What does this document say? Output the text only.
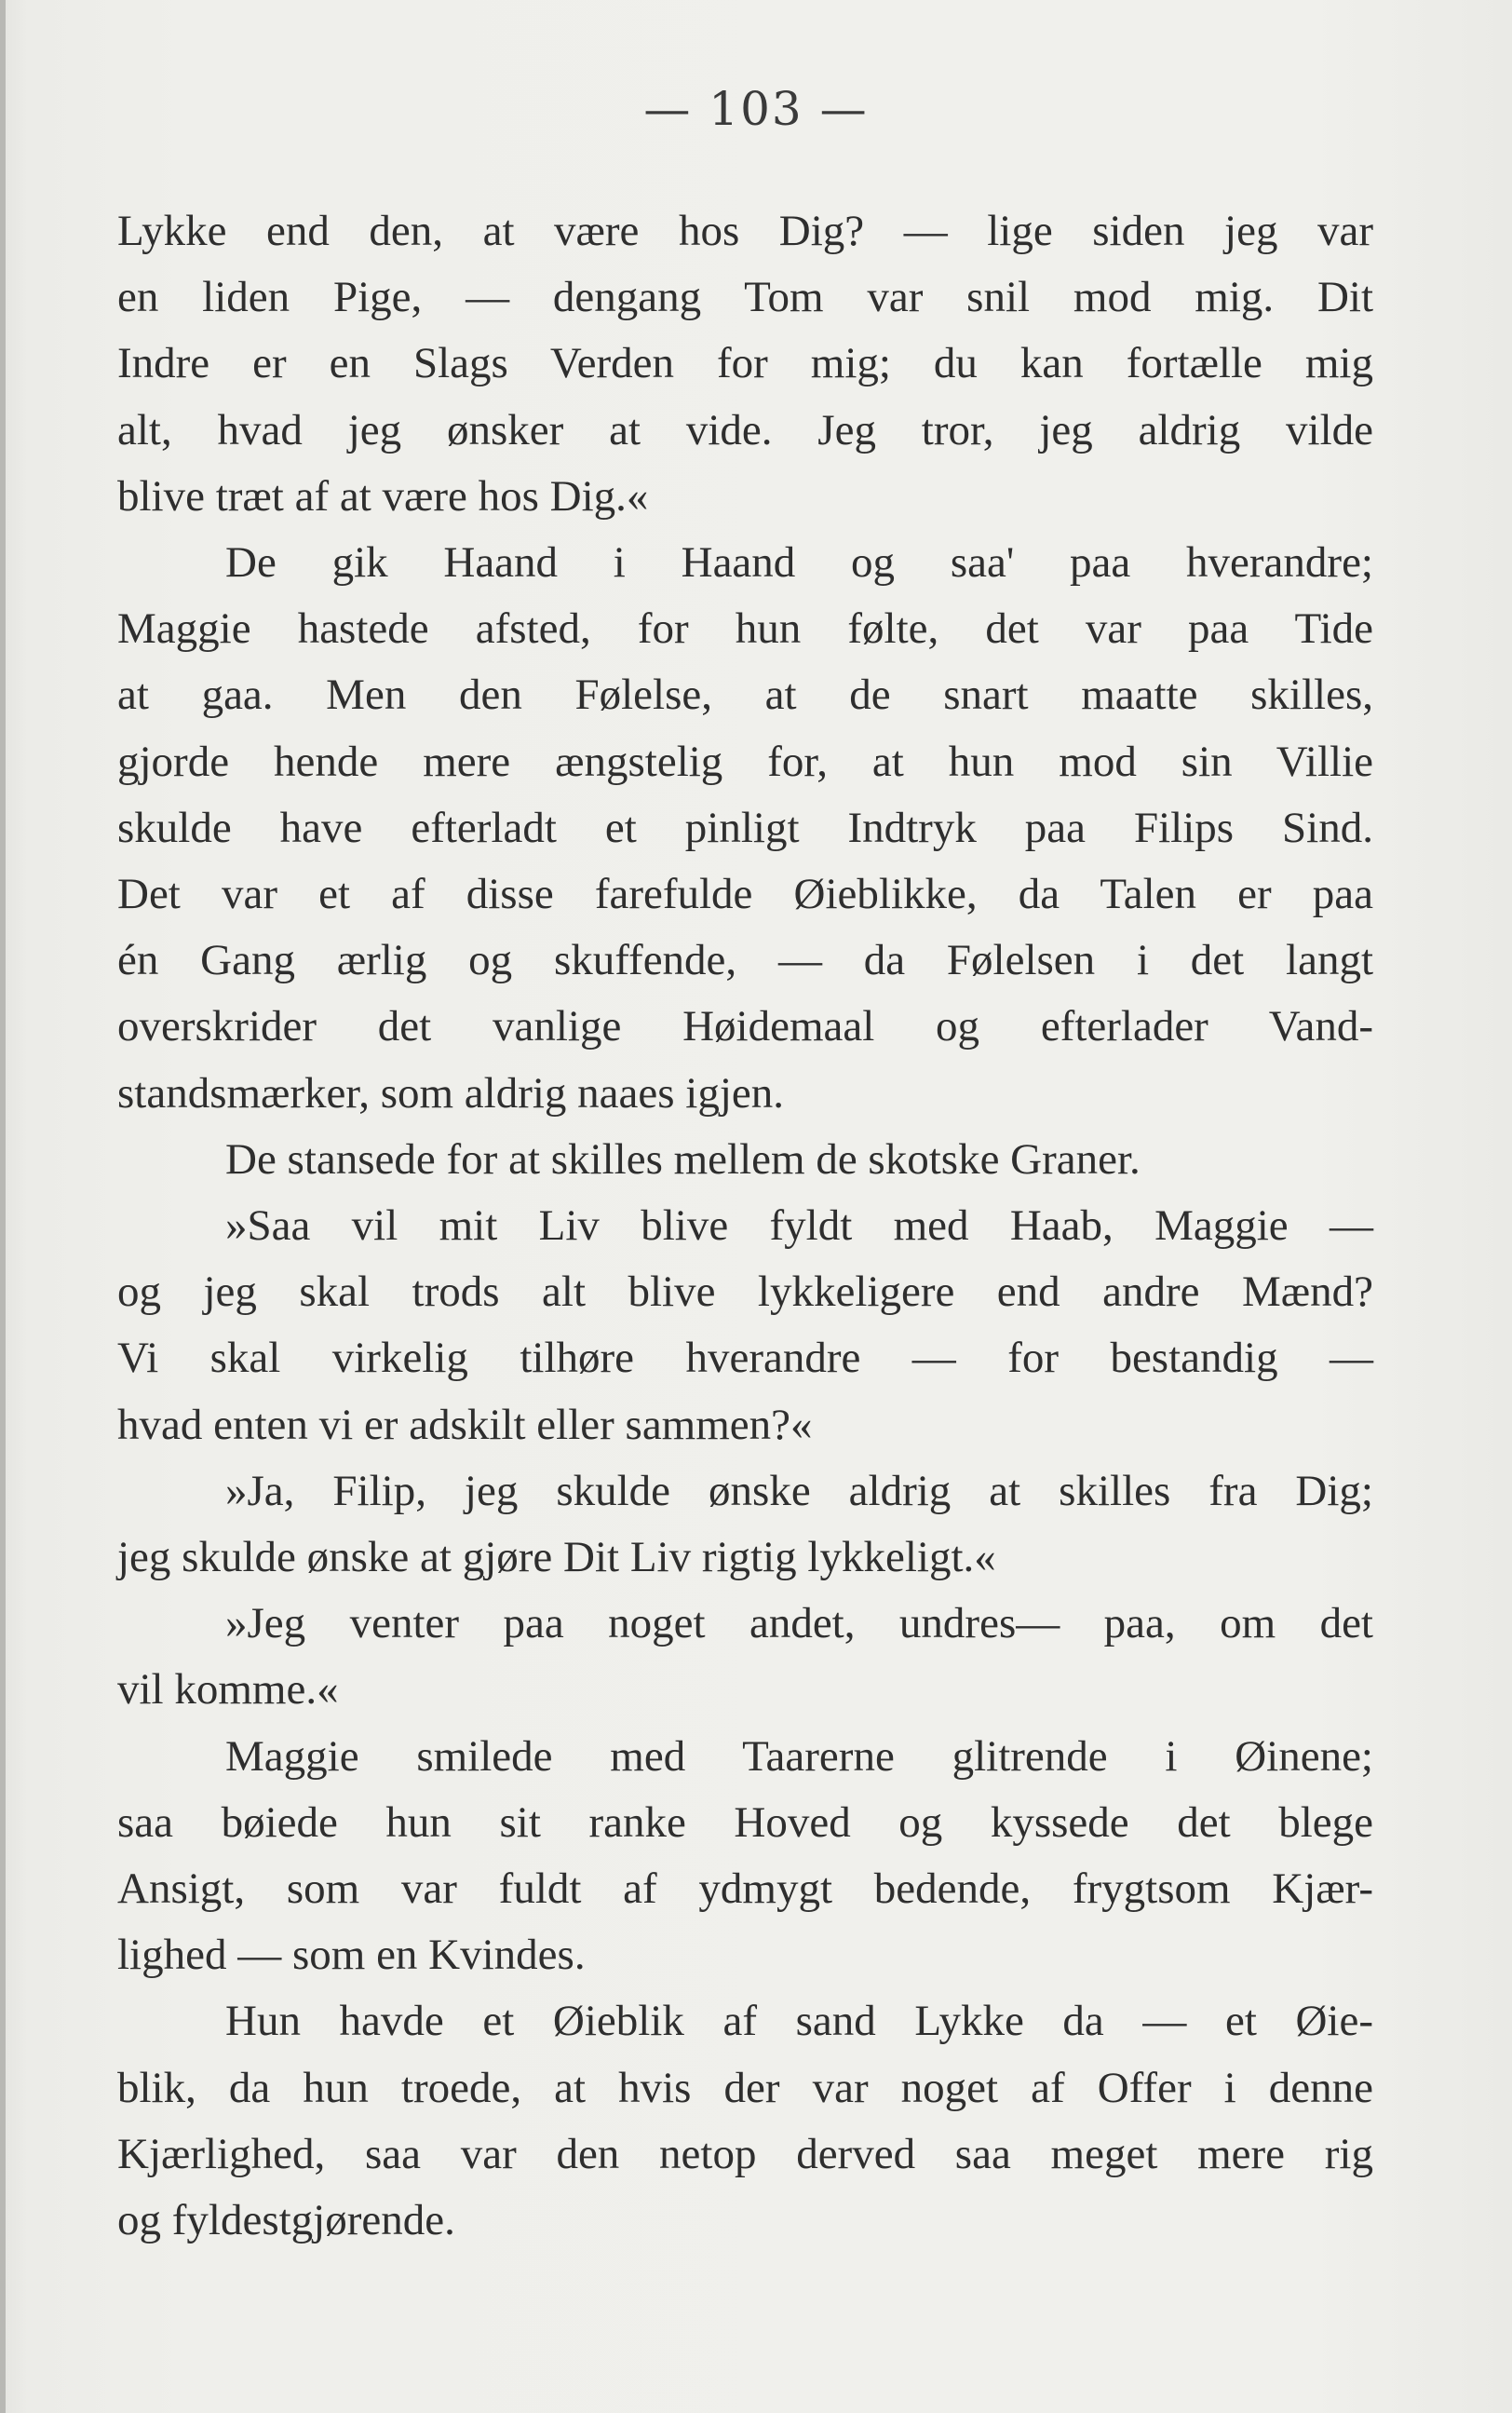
— 103 —
Lykke end den, at være hos Dig? — lige siden jeg var
en liden Pige, — dengang Tom var snil mod mig. Dit
Indre er en Slags Verden for mig; du kan fortælle mig
alt, hvad jeg ønsker at vide. Jeg tror, jeg aldrig vilde
blive træt af at være hos Dig.«
De gik Haand i Haand og saa' paa hverandre;
Maggie hastede afsted, for hun følte, det var paa Tide
at gaa. Men den Følelse, at de snart maatte skilles,
gjorde hende mere ængstelig for, at hun mod sin Villie
skulde have efterladt et pinligt Indtryk paa Filips Sind.
Det var et af disse farefulde Øieblikke, da Talen er paa
én Gang ærlig og skuffende, — da Følelsen i det langt
overskrider det vanlige Høidemaal og efterlader Vand-
standsmærker, som aldrig naaes igjen.
De stansede for at skilles mellem de skotske Graner.
»Saa vil mit Liv blive fyldt med Haab, Maggie —
og jeg skal trods alt blive lykkeligere end andre Mænd?
Vi skal virkelig tilhøre hverandre — for bestandig —
hvad enten vi er adskilt eller sammen?«
»Ja, Filip, jeg skulde ønske aldrig at skilles fra Dig;
jeg skulde ønske at gjøre Dit Liv rigtig lykkeligt.«
»Jeg venter paa noget andet, undres— paa, om det
vil komme.«
Maggie smilede med Taarerne glitrende i Øinene;
saa bøiede hun sit ranke Hoved og kyssede det blege
Ansigt, som var fuldt af ydmygt bedende, frygtsom Kjær-
lighed — som en Kvindes.
Hun havde et Øieblik af sand Lykke da — et Øie-
blik, da hun troede, at hvis der var noget af Offer i denne
Kjærlighed, saa var den netop derved saa meget mere rig
og fyldestgjørende.
